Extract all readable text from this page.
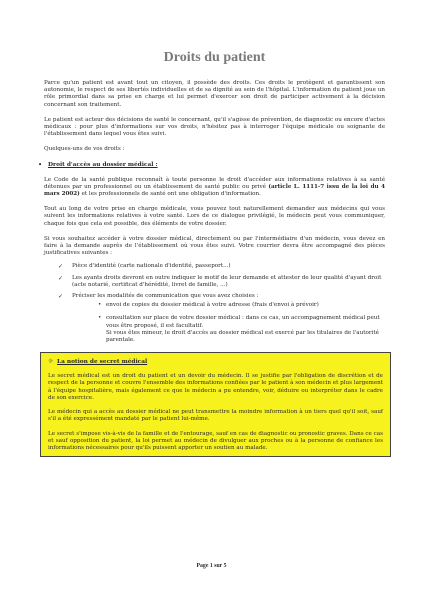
Droits du patient

Parce qu'un patient est avant tout un citoyen, il possède des droits. Ces droits le protègent et garantissent son autonomie, le respect de ses libertés individuelles et de sa dignité au sein de l'hôpital. L'information du patient joue un rôle primordial dans sa prise en charge et lui permet d'exercer son droit de participer activement à la décision concernant son traitement.

Le patient est acteur des décisions de santé le concernant, qu'il s'agisse de prévention, de diagnostic ou encore d'actes médicaux : pour plus d'informations sur vos droits, n'hésitez pas à interroger l'équipe médicale ou soignante de l'établissement dans lequel vous êtes suivi.

Quelques-uns de vos droits :

•	Droit d'accès au dossier médical :

Le Code de la santé publique reconnaît à toute personne le droit d'accéder aux informations relatives à sa santé détenues par un professionnel ou un établissement de santé public ou privé (article L. 1111-7 issu de la loi du 4 mars 2002) et les professionnels de santé ont une obligation d'information.

Tout au long de votre prise en charge médicale, vous pouvez tout naturellement demander aux médecins qui vous suivent les informations relatives à votre santé. Lors de ce dialogue privilégié, le médecin peut vous communiquer, chaque fois que cela est possible, des éléments de votre dossier.

Si vous souhaitez accéder à votre dossier médical, directement ou par l'intermédiaire d'un médecin, vous devez en faire à la demande auprès de l'établissement où vous êtes suivi. Votre courrier devra être accompagné des pièces justificatives suivantes :

✓ 	Pièce d'identité (carte nationale d'identité, passeport...)
✓ 	Les ayants droits devront en outre indiquer le motif de leur demande et attester de leur qualité d'ayant droit (acte notarié, certificat d'hérédité, livret de famille, ...)
✓ 	Préciser les modalités de communication que vous avez choisies :
• envoi de copies du dossier médical à votre adresse (frais d'envoi à prévoir)
• consultation sur place de votre dossier médical : dans ce cas, un accompagnement médical peut vous être proposé, il est facultatif.
Si vous êtes mineur, le droit d'accès au dossier médical est exercé par les titulaires de l'autorité parentale.
☼ La notion de secret médical

Le secret médical est un droit du patient et un devoir du médecin. Il se justifie par l'obligation de discrétion et de respect de la personne et couvre l'ensemble des informations confiées par le patient à son médecin et plus largement à l'équipe hospitalière, mais également ce que le médecin a pu entendre, voir, déduire ou interpréter dans le cadre de son exercice.

Le médecin qui a accès au dossier médical ne peut transmettre la moindre information à un tiers quel qu'il soit, sauf s'il a été expressément mandaté par le patient lui-même.

Le secret s'impose vis-à-vis de la famille et de l'entourage, sauf en cas de diagnostic ou pronostic graves. Dans ce cas et sauf opposition du patient, la loi permet au médecin de divulguer aux proches ou à la personne de confiance les informations nécessaires pour qu'ils puissent apporter un soutien au malade.

Page 1 sur 5
